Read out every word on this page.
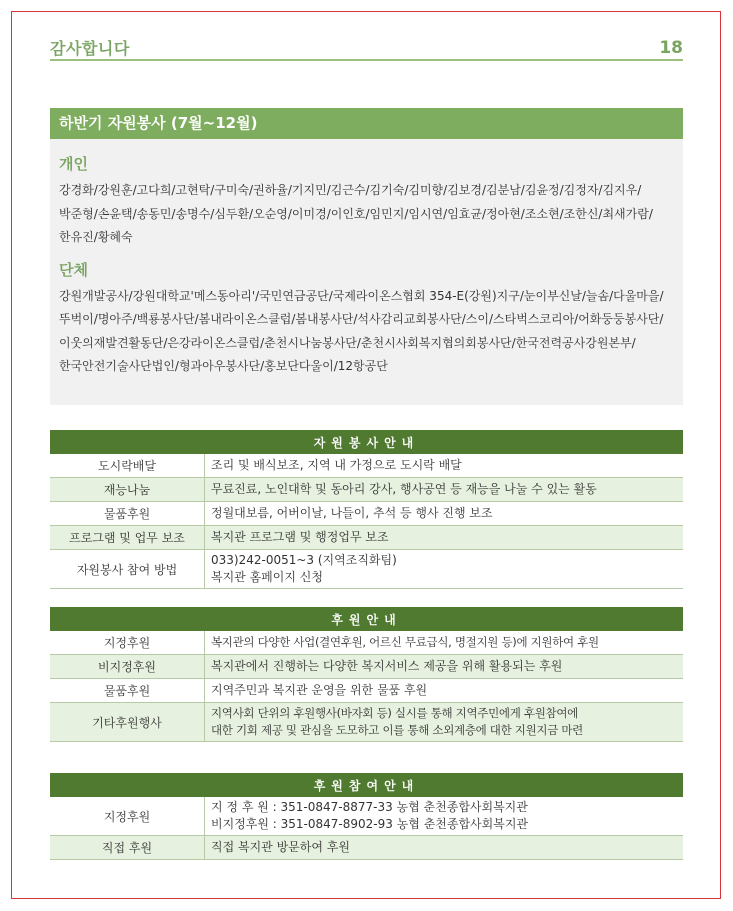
감사합니다	18
하반기 자원봉사 (7월~12월)
개인
강경화/강원훈/고다희/고현탁/구미숙/권하율/기지민/김근수/김기숙/김미향/김보경/김분남/김윤정/김정자/김지우/박준형/손윤택/송동민/송명수/심두환/오순영/이미경/이인호/임민지/임시연/임효균/정아현/조소현/조한신/최새가람/한유진/황혜숙
단체
강원개발공사/강원대학교'메스동아리'/국민연금공단/국제라이온스협회 354-E(강원)지구/눈이부신날/늘솜/다울마을/뚜벅이/명아주/백룡봉사단/봄내라이온스클럽/봄내봉사단/석사감리교회봉사단/스이/스타벅스코리아/어화둥둥봉사단/이웃의재발견활동단/은강라이온스클럽/춘천시나눔봉사단/춘천시사회복지협의회봉사단/한국전력공사강원본부/한국안전기술사단법인/형과아우봉사단/홍보단다울이/12항공단
자원봉사안내	
도시락배달	조리 및 배식보조, 지역 내 가정으로 도시락 배달
재능나눔	무료진료, 노인대학 및 동아리 강사, 행사공연 등 재능을 나눌 수 있는 활동
물품후원	정월대보름, 어버이날, 나들이, 추석 등 행사 진행 보조
프로그램 및 업무 보조	복지관 프로그램 및 행정업무 보조
자원봉사 참여 방법	033)242-0051~3 (지역조직화팀)
복지관 홈페이지 신청
후원안내	
지정후원	복지관의 다양한 사업(결연후원, 어르신 무료급식, 명절지원 등)에 지원하여 후원
비지정후원	복지관에서 진행하는 다양한 복지서비스 제공을 위해 활용되는 후원
물품후원	지역주민과 복지관 운영을 위한 물품 후원
기타후원행사	지역사회 단위의 후원행사(바자회 등) 실시를 통해 지역주민에게 후원참여에
대한 기회 제공 및 관심을 도모하고 이를 통해 소외계층에 대한 지원지금 마련
후원참여안내	
지정후원	지 정 후 원 : 351-0847-8877-33 농협 춘천종합사회복지관
비지정후원 : 351-0847-8902-93 농협 춘천종합사회복지관

직접 후원	직접 복지관 방문하여 후원
